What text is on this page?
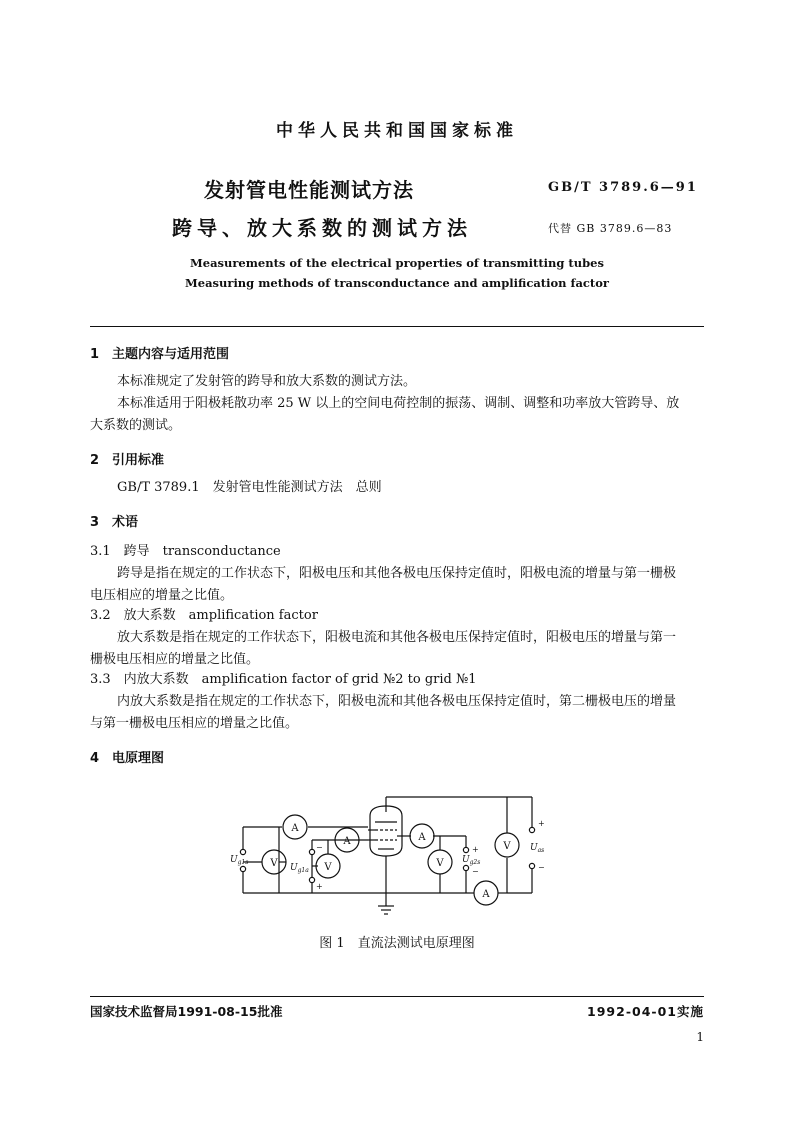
中华人民共和国国家标准
发射管电性能测试方法
跨导、放大系数的测试方法
GB/T 3789.6—91
代替 GB 3789.6—83
Measurements of the electrical properties of transmitting tubes
Measuring methods of transconductance and amplification factor
1　主题内容与适用范围
本标准规定了发射管的跨导和放大系数的测试方法。
本标准适用于阳极耗散功率 25 W 以上的空间电荷控制的振荡、调制、调整和功率放大管跨导、放
大系数的测试。
2　引用标准
GB/T 3789.1　发射管电性能测试方法　总则
3　术语
3.1　跨导　transconductance
跨导是指在规定的工作状态下，阳极电压和其他各极电压保持定值时，阳极电流的增量与第一栅极
电压相应的增量之比值。
3.2　放大系数　amplification factor
放大系数是指在规定的工作状态下，阳极电流和其他各极电压保持定值时，阳极电压的增量与第一
栅极电压相应的增量之比值。
3.3　内放大系数　amplification factor of grid №2 to grid №1
内放大系数是指在规定的工作状态下，阳极电流和其他各极电压保持定值时，第二栅极电压的增量
与第一栅极电压相应的增量之比值。
4　电原理图
V
A
A
V
A
V
A
V
−
+
+
−
+
−
$U_{g1s}$
$U_{g1a}$
$U_{g2s}$
$U_{as}$
图 1　直流法测试电原理图
国家技术监督局1991-08-15批准	1992-04-01实施
1
